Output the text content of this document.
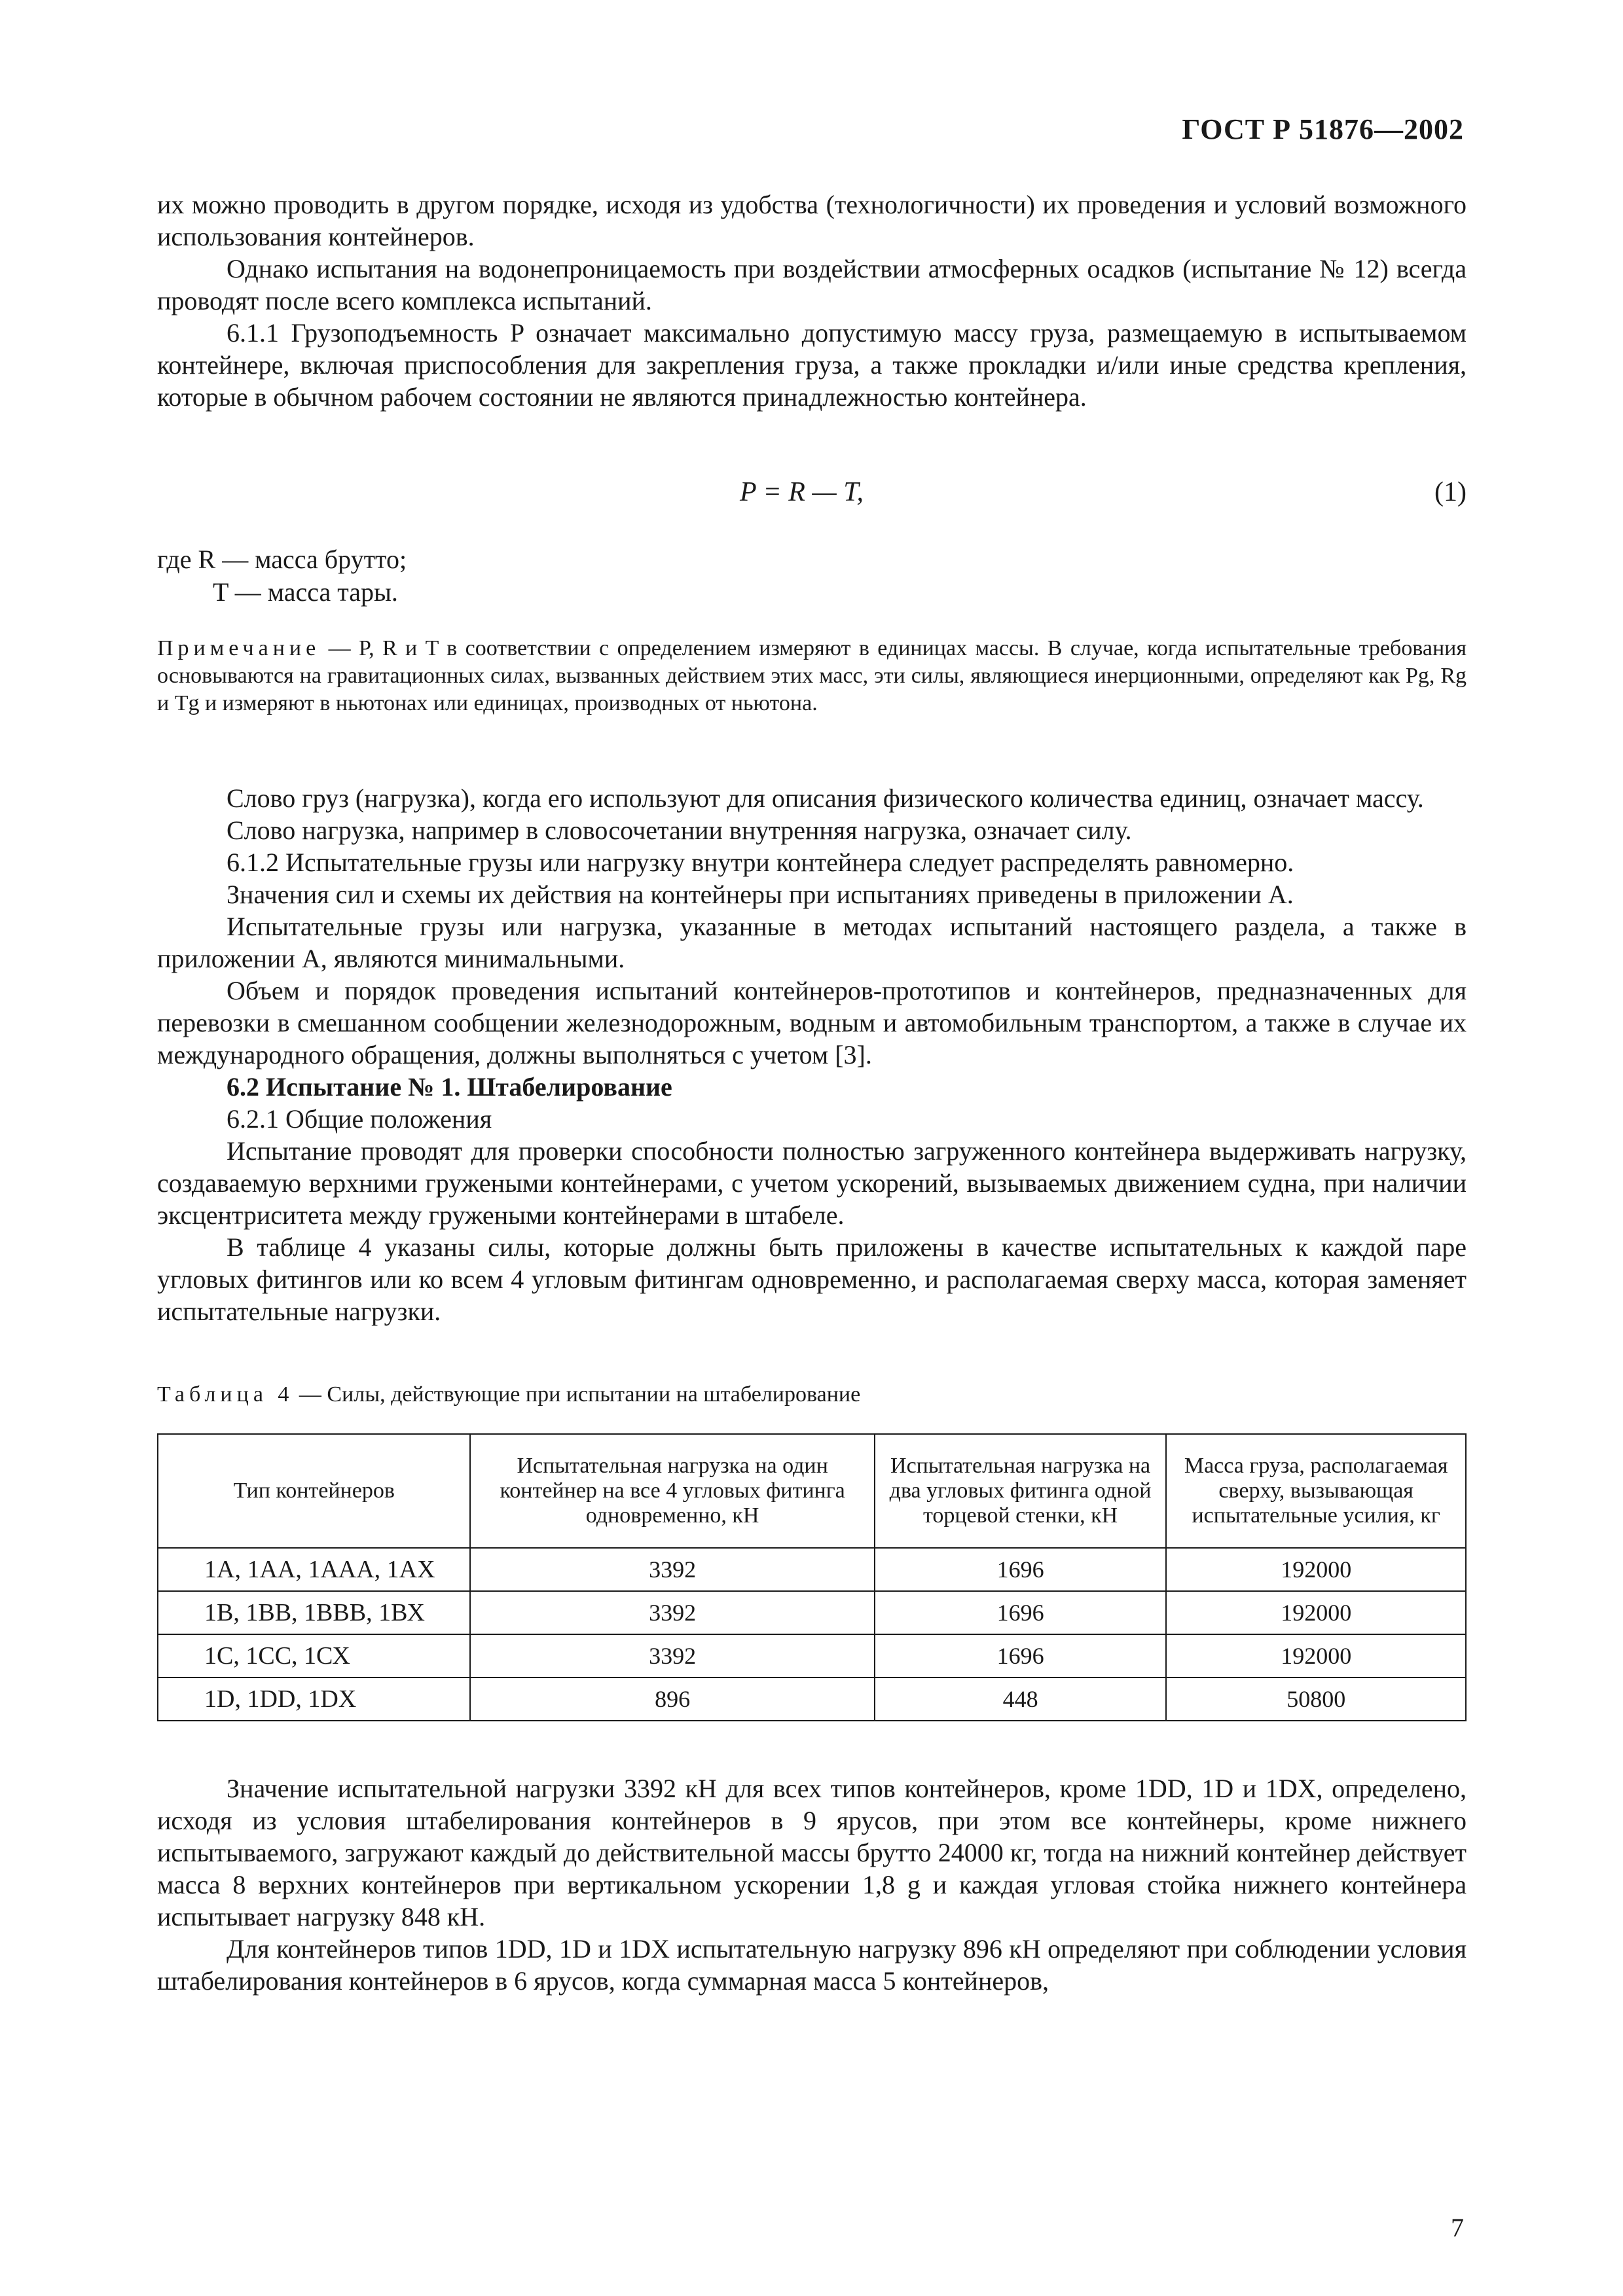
ГОСТ Р 51876—2002

их можно проводить в другом порядке, исходя из удобства (технологичности) их проведения и условий возможного использования контейнеров.

Однако испытания на водонепроницаемость при воздействии атмосферных осадков (испытание № 12) всегда проводят после всего комплекса испытаний.

6.1.1 Грузоподъемность P означает максимально допустимую массу груза, размещаемую в испытываемом контейнере, включая приспособления для закрепления груза, а также прокладки и/или иные средства крепления, которые в обычном рабочем состоянии не являются принадлежностью контейнера.

P = R — T,	(1)
где R — масса брутто;
T — масса тары.
Примечание — P, R и T в соответствии с определением измеряют в единицах массы. В случае, когда испытательные требования основываются на гравитационных силах, вызванных действием этих масс, эти силы, являющиеся инерционными, определяют как Pg, Rg и Tg и измеряют в ньютонах или единицах, производных от ньютона.

Слово груз (нагрузка), когда его используют для описания физического количества единиц, означает массу.

Слово нагрузка, например в словосочетании внутренняя нагрузка, означает силу.

6.1.2 Испытательные грузы или нагрузку внутри контейнера следует распределять равномерно.

Значения сил и схемы их действия на контейнеры при испытаниях приведены в приложении А.

Испытательные грузы или нагрузка, указанные в методах испытаний настоящего раздела, а также в приложении А, являются минимальными.

Объем и порядок проведения испытаний контейнеров-прототипов и контейнеров, предназначенных для перевозки в смешанном сообщении железнодорожным, водным и автомобильным транспортом, а также в случае их международного обращения, должны выполняться с учетом [3].

6.2 Испытание № 1. Штабелирование

6.2.1 Общие положения

Испытание проводят для проверки способности полностью загруженного контейнера выдерживать нагрузку, создаваемую верхними гружеными контейнерами, с учетом ускорений, вызываемых движением судна, при наличии эксцентриситета между гружеными контейнерами в штабеле.

В таблице 4 указаны силы, которые должны быть приложены в качестве испытательных к каждой паре угловых фитингов или ко всем 4 угловым фитингам одновременно, и располагаемая сверху масса, которая заменяет испытательные нагрузки.

Таблица 4 — Силы, действующие при испытании на штабелирование
Тип контейнеров	Испытательная нагрузка на один контейнер на все 4 угловых фитинга одновременно, кН	Испытательная нагрузка на два угловых фитинга одной торцевой стенки, кН	Масса груза, располагаемая сверху, вызывающая испытательные усилия, кг
1А, 1АА, 1ААА, 1АХ	3392	1696	192000
1В, 1ВВ, 1ВВВ, 1ВХ	3392	1696	192000
1С, 1СС, 1СХ	3392	1696	192000
1D, 1DD, 1DX	896	448	50800

Значение испытательной нагрузки 3392 кН для всех типов контейнеров, кроме 1DD, 1D и 1DX, определено, исходя из условия штабелирования контейнеров в 9 ярусов, при этом все контейнеры, кроме нижнего испытываемого, загружают каждый до действительной массы брутто 24000 кг, тогда на нижний контейнер действует масса 8 верхних контейнеров при вертикальном ускорении 1,8 g и каждая угловая стойка нижнего контейнера испытывает нагрузку 848 кН.

Для контейнеров типов 1DD, 1D и 1DX испытательную нагрузку 896 кН определяют при соблюдении условия штабелирования контейнеров в 6 ярусов, когда суммарная масса 5 контейнеров,

7
